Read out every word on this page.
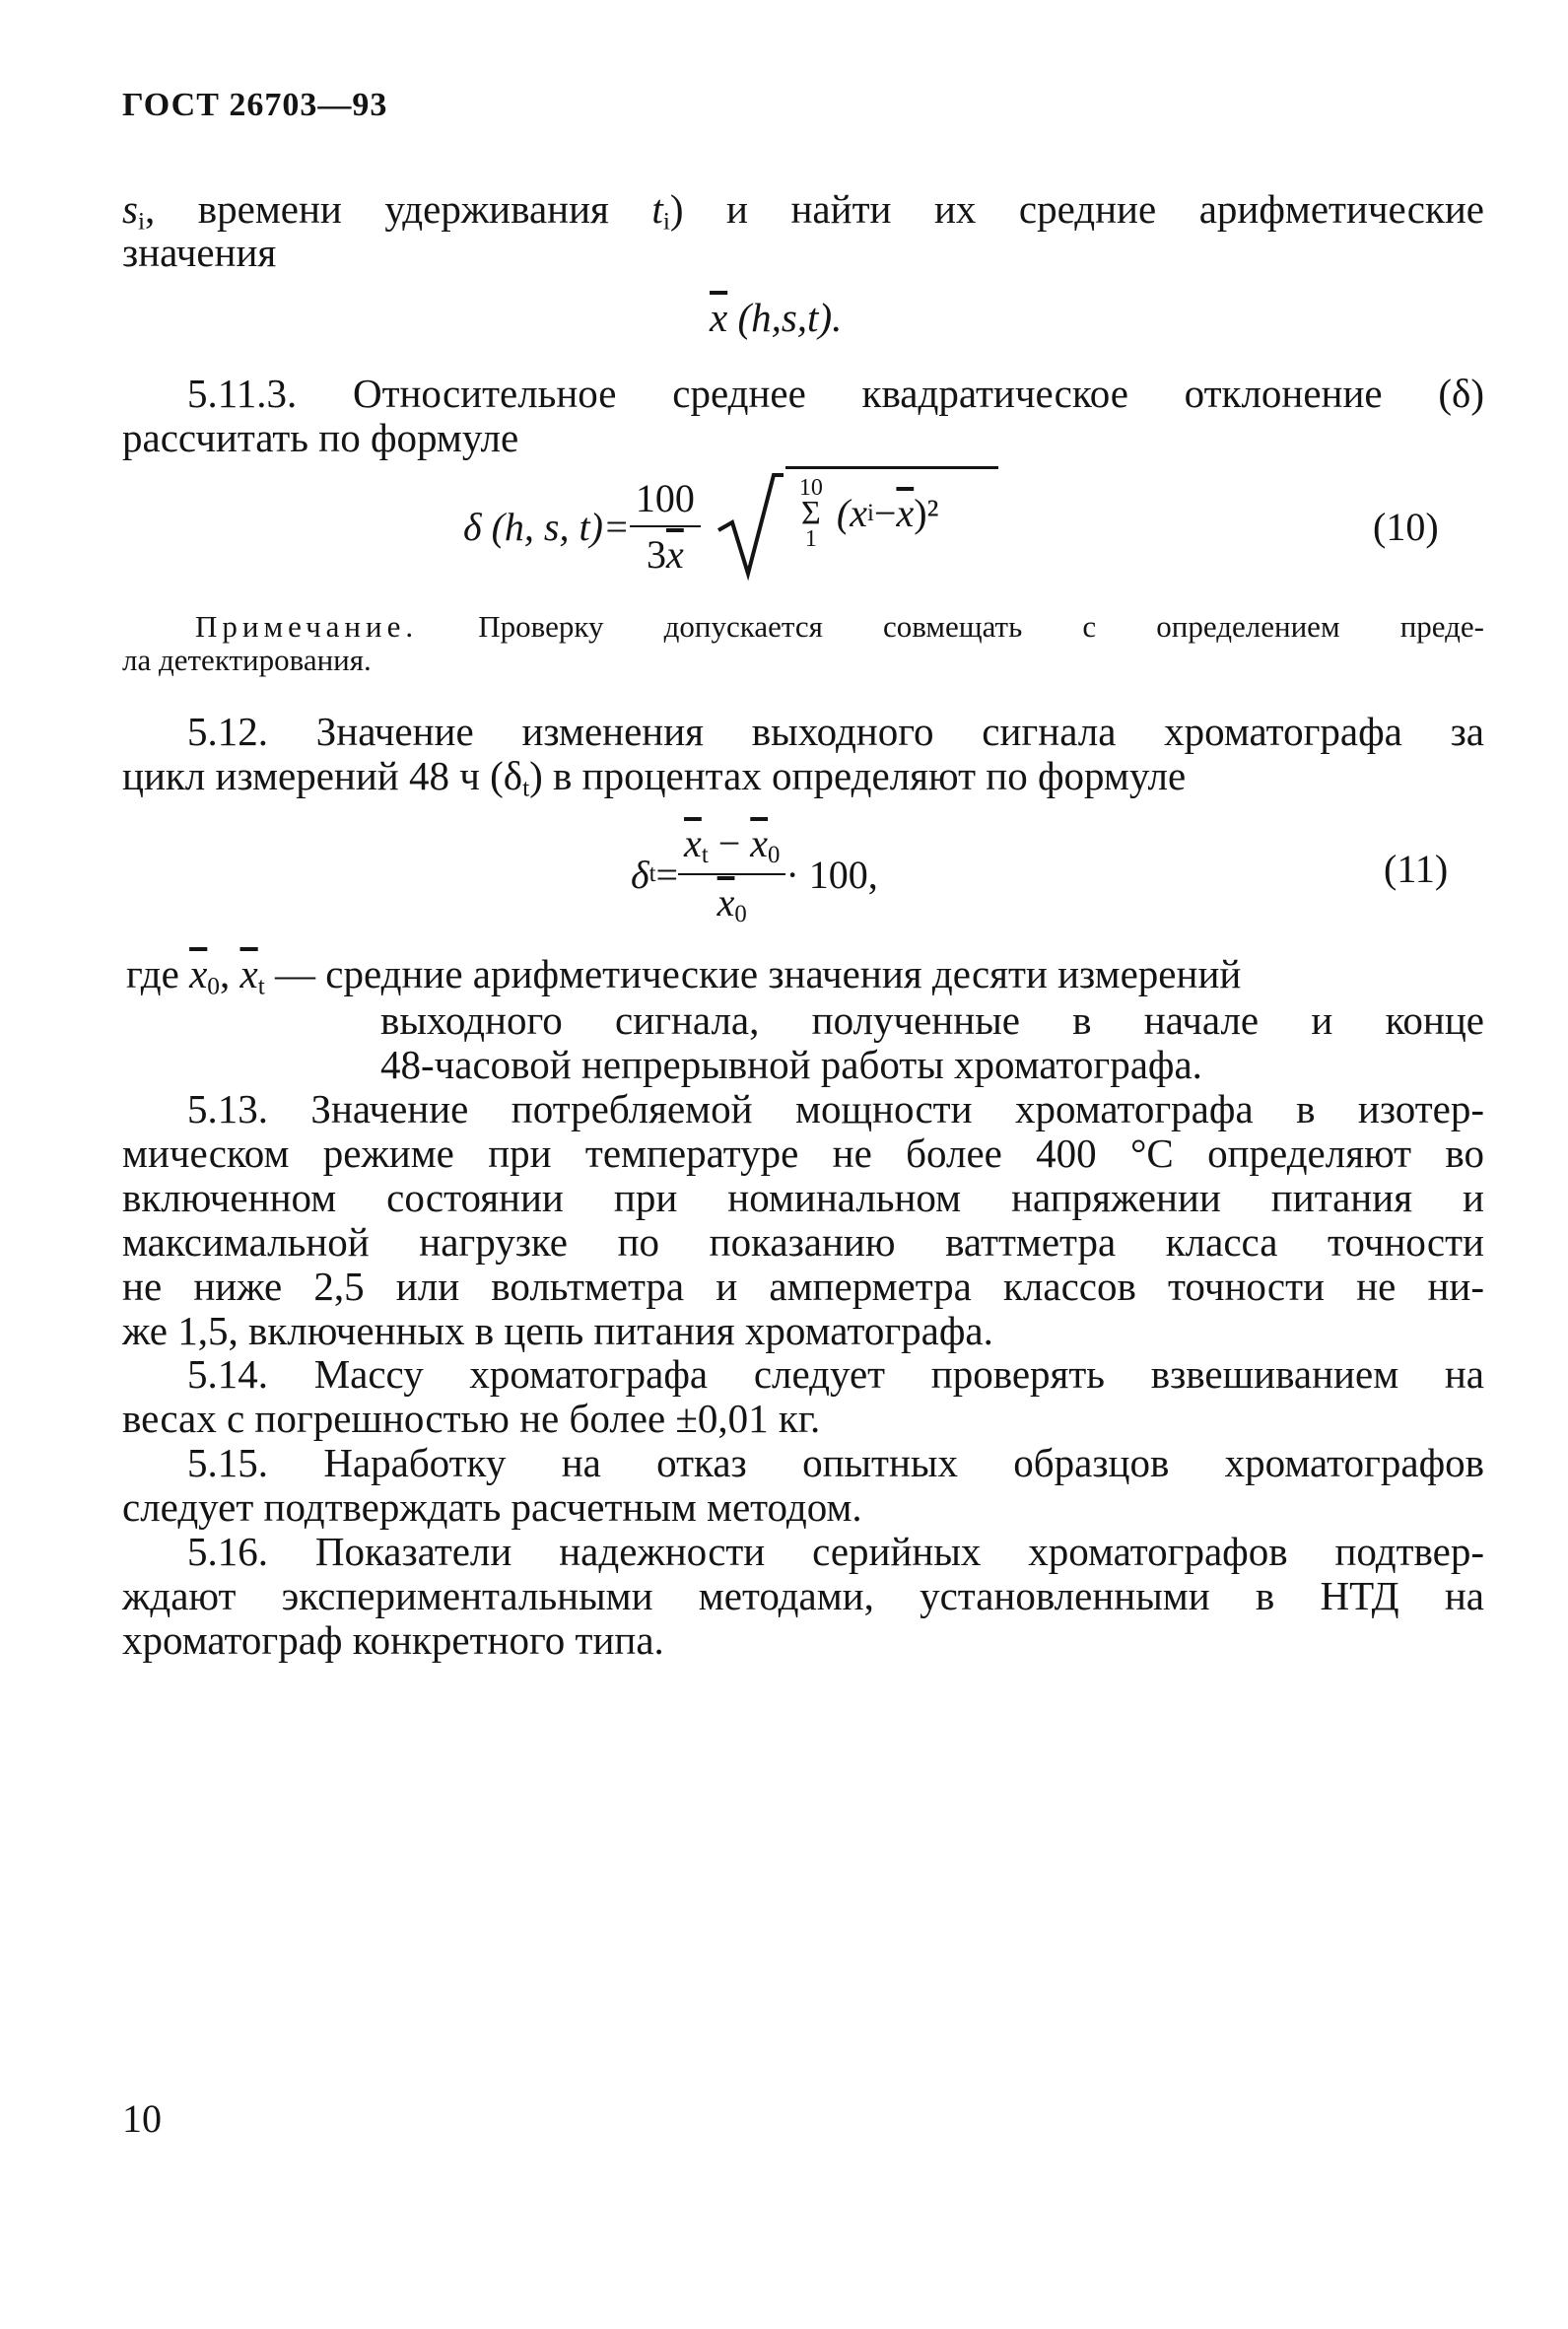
ГОСТ 26703—93
$s_i$, времени удерживания $t_i$) и найти их средние арифметические
значения
$\overline{x}$ (h,s,t).
5.11.3. Относительное среднее квадратическое отклонение (δ)
рассчитать по формуле
δ (h, s, $t)= \frac{100}{3\overline{x}}$	10
Σ
1
(x $i - \overline{x}$ )²	(10)
Примечание. Проверку допускается совмещать с определением преде-
ла детектирования.
5.12. Значение изменения выходного сигнала хроматографа за
цикл измерений 48 ч $(\delta_t)$ в процентах определяют по формуле
δ $t = \frac{\overline{x}_t - \overline{x}_0}{\overline{x}_0} \cdot 100$,	(11)
где $\overline{x}_0$, $\overline{x}_t$ — средние арифметические значения десяти измерений
выходного сигнала, полученные в начале и конце
48-часовой непрерывной работы хроматографа.
5.13. Значение потребляемой мощности хроматографа в изотер-
мическом режиме при температуре не более 400 °С определяют во
включенном состоянии при номинальном напряжении питания и
максимальной нагрузке по показанию ваттметра класса точности
не ниже 2,5 или вольтметра и амперметра классов точности не ни-
же 1,5, включенных в цепь питания хроматографа.
5.14. Массу хроматографа следует проверять взвешиванием на
весах с погрешностью не более ±0,01 кг.
5.15. Наработку на отказ опытных образцов хроматографов
следует подтверждать расчетным методом.
5.16. Показатели надежности серийных хроматографов подтвер-
ждают экспериментальными методами, установленными в НТД на
хроматограф конкретного типа.
10
